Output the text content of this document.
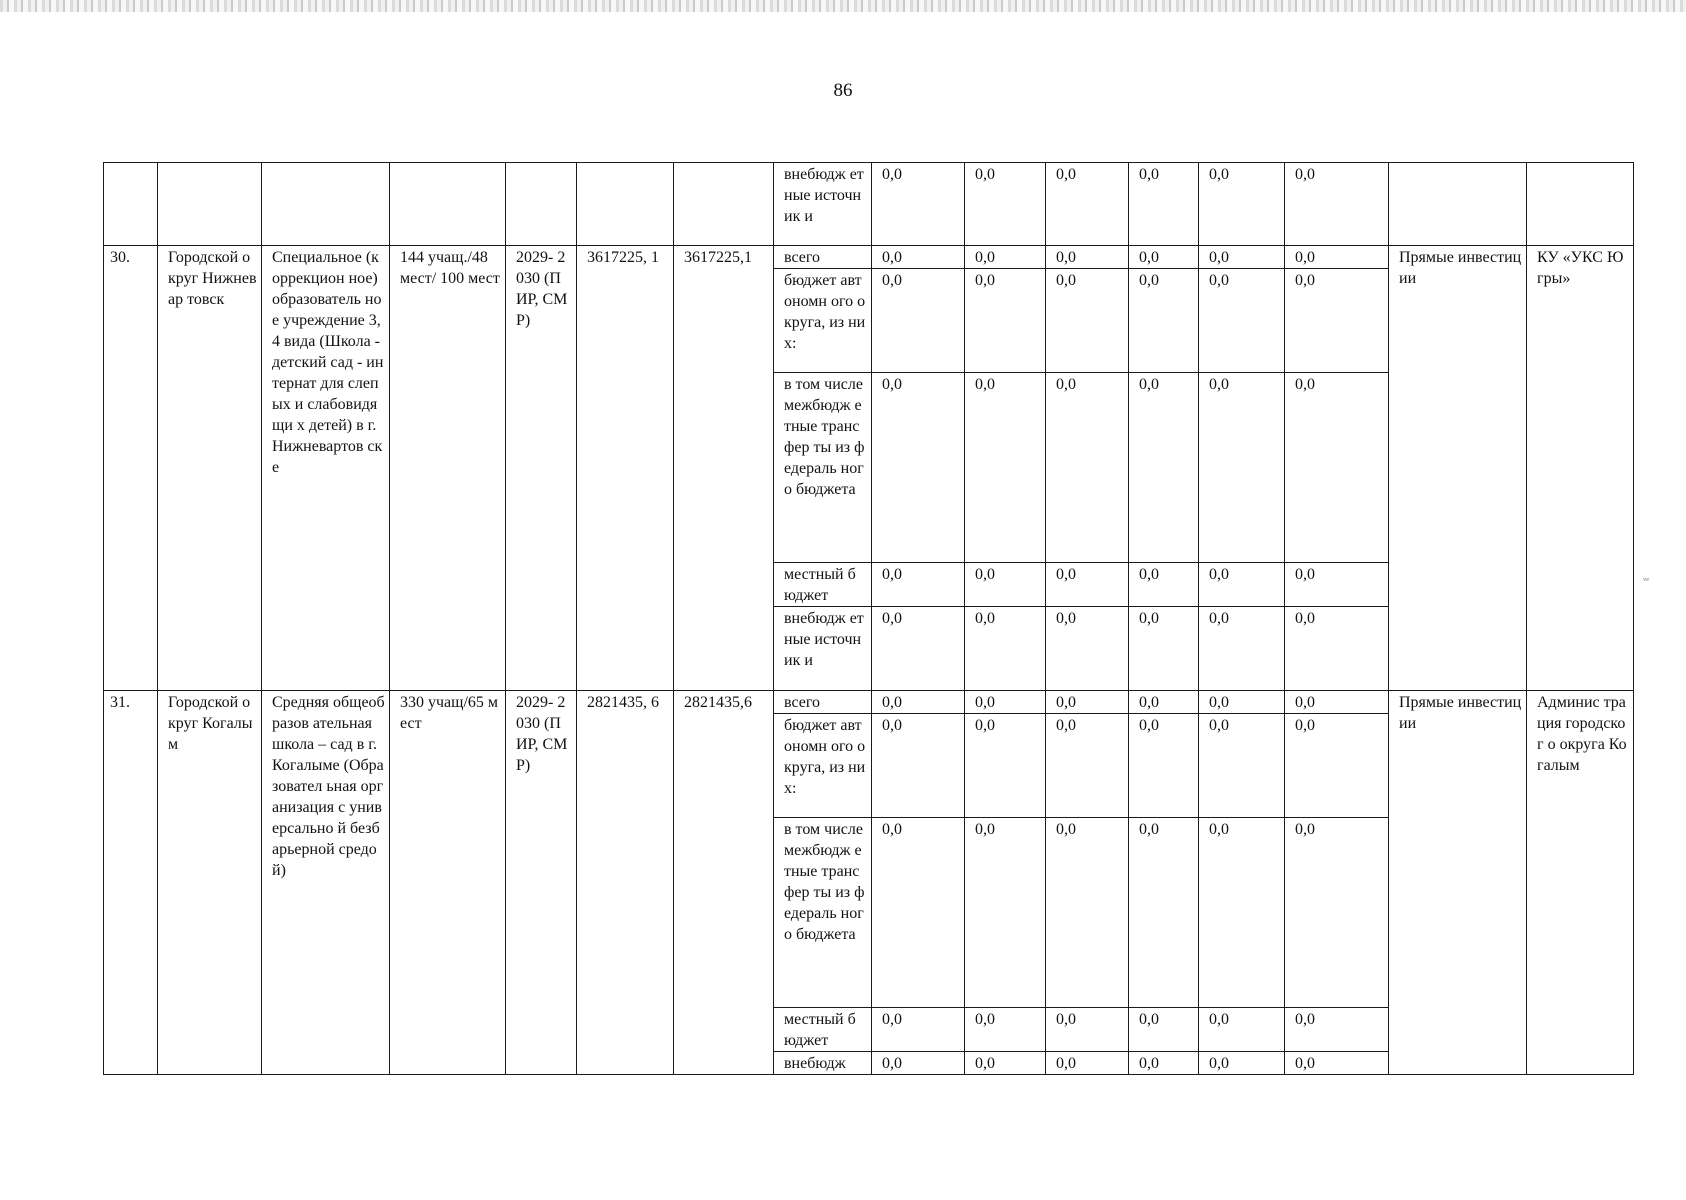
86
							внебюдж етные источник и	0,0	0,0	0,0	0,0	0,0	0,0		
30.	Городской округ Нижневар товск	Специальное (коррекцион ное) образователь ное учреждение 3, 4 вида (Школа - детский сад - интернат для слепых и слабовидящи х детей) в г. Нижневартов ске	144 учащ./48 мест/ 100 мест	2029- 2030 (ПИР, СМР)	3617225, 1	3617225,1	всего	0,0	0,0	0,0	0,0	0,0	0,0	Прямые инвестиции	КУ «УКС Югры»
							бюджет автономн ого округа, из них:	0,0	0,0	0,0	0,0	0,0	0,0		
							в том числе межбюдж етные трансфер ты из федераль ного бюджета	0,0	0,0	0,0	0,0	0,0	0,0		
							местный бюджет	0,0	0,0	0,0	0,0	0,0	0,0		
							внебюдж етные источник и	0,0	0,0	0,0	0,0	0,0	0,0		
31.	Городской округ Когалым	Средняя общеобразов ательная школа – сад в г. Когалыме (Образовател ьная организация с универсально й безбарьерной средой)	330 учащ/65 мест	2029- 2030 (ПИР, СМР)	2821435, 6	2821435,6	всего	0,0	0,0	0,0	0,0	0,0	0,0	Прямые инвестиции	Админис трация городског о округа Когалым
							бюджет автономн ого округа, из них:	0,0	0,0	0,0	0,0	0,0	0,0		
							в том числе межбюдж етные трансфер ты из федераль ного бюджета	0,0	0,0	0,0	0,0	0,0	0,0		
							местный бюджет	0,0	0,0	0,0	0,0	0,0	0,0		
							внебюдж	0,0	0,0	0,0	0,0	0,0	0,0		
ᵛᵉ
